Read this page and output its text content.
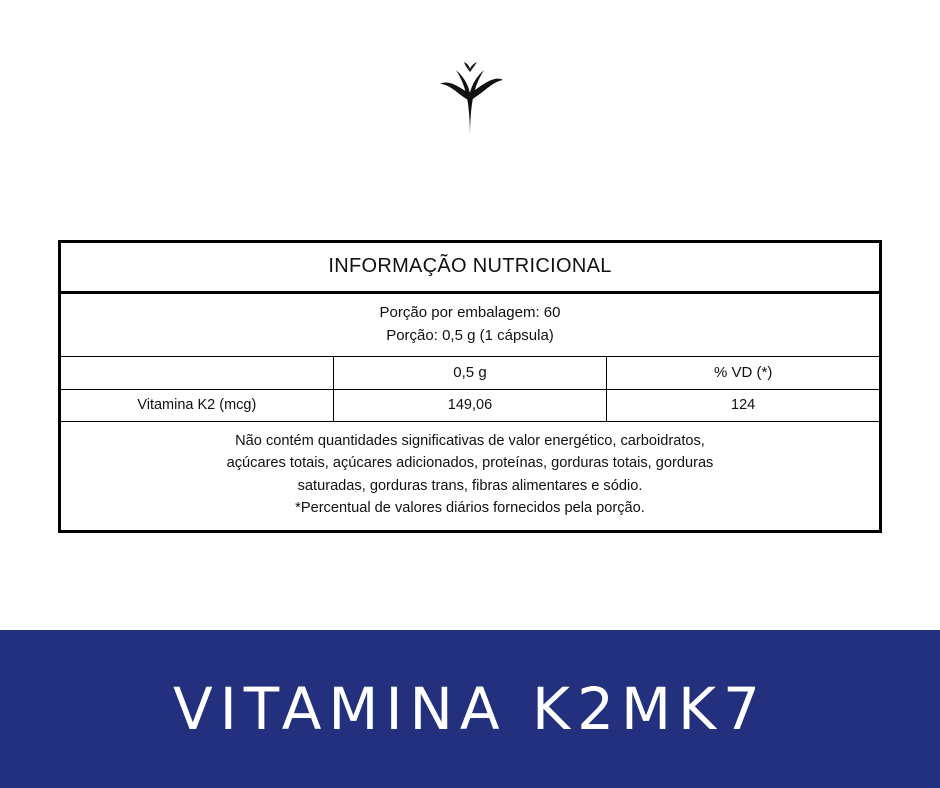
INFORMAÇÃO NUTRICIONAL		

Porção por embalagem: 60
Porção: 0,5 g (1 cápsula)		

	0,5 g	% VD (*)
Vitamina K2 (mcg)	149,06	124

Não contém quantidades significativas de valor energético, carboidratos,
açúcares totais, açúcares adicionados, proteínas, gorduras totais, gorduras
saturadas, gorduras trans, fibras alimentares e sódio.
*Percentual de valores diários fornecidos pela porção.		
VITAMINA K2MK7
